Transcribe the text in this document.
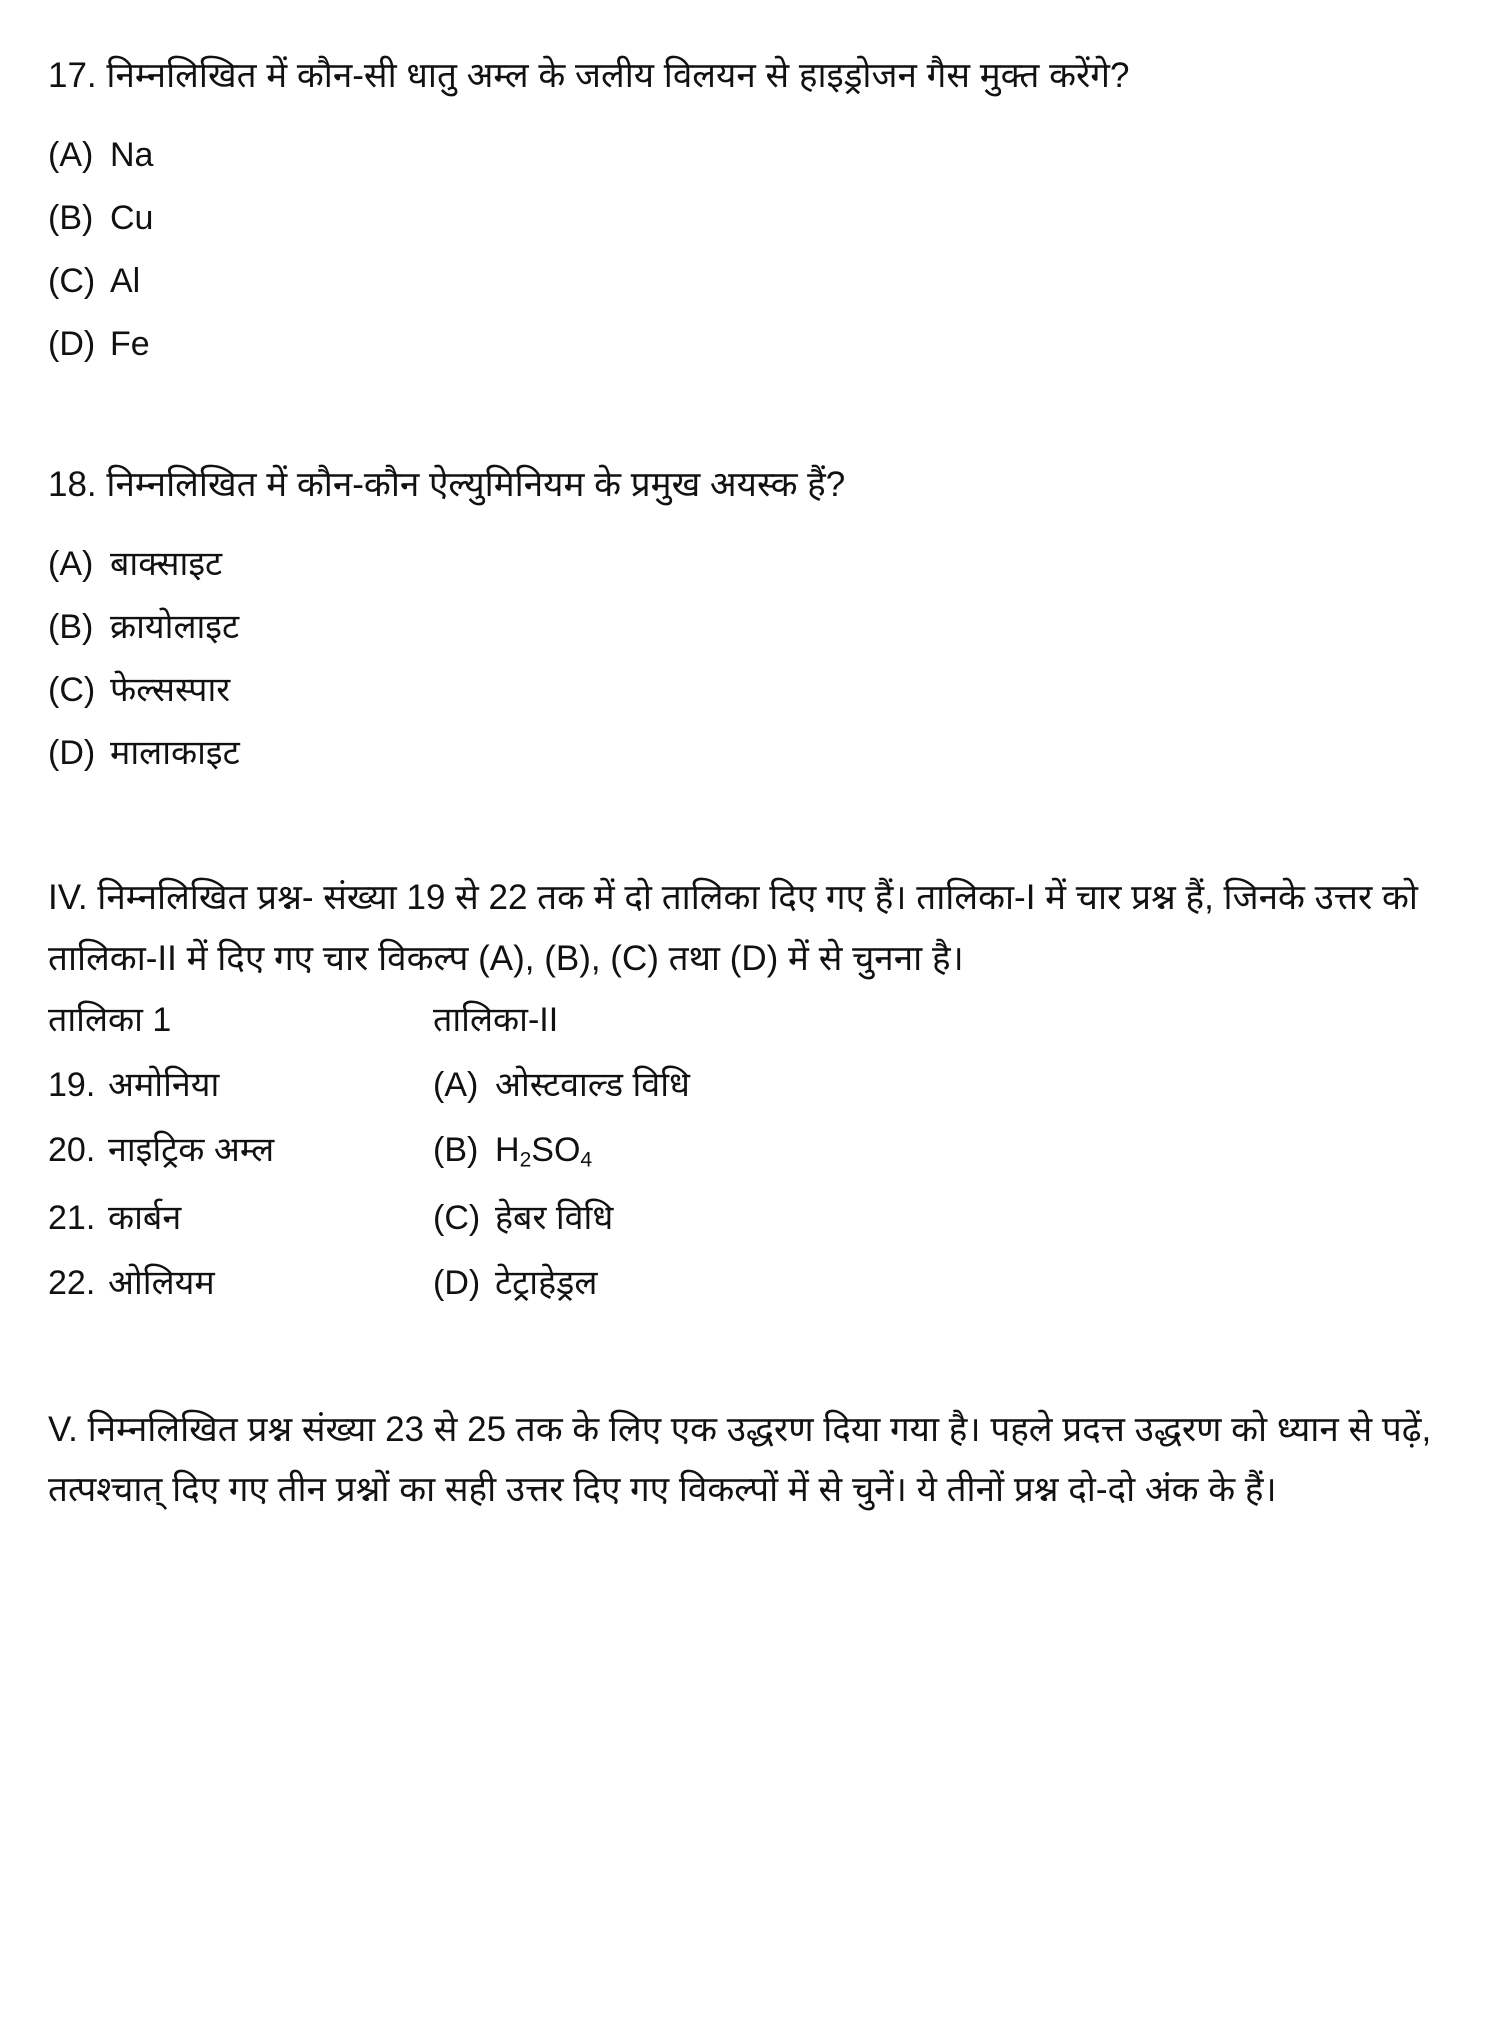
17. निम्नलिखित में कौन-सी धातु अम्ल के जलीय विलयन से हाइड्रोजन गैस मुक्त करेंगे?

(A) Na
(B) Cu
(C) Al
(D) Fe

18. निम्नलिखित में कौन-कौन ऐल्युमिनियम के प्रमुख अयस्क हैं?

(A) बाक्साइट
(B) क्रायोलाइट
(C) फेल्सस्पार
(D) मालाकाइट

IV. निम्नलिखित प्रश्न- संख्या 19 से 22 तक में दो तालिका दिए गए हैं। तालिका-I में चार प्रश्न हैं, जिनके उत्तर को तालिका-II में दिए गए चार विकल्प (A), (B), (C) तथा (D) में से चुनना है।

तालिका 1	तालिका-II
19. अमोनिया	(A) ओस्टवाल्ड विधि
20. नाइट्रिक अम्ल	(B) $H_2SO_4$
21. कार्बन	(C) हेबर विधि
22. ओलियम	(D) टेट्राहेड्रल

V. निम्नलिखित प्रश्न संख्या 23 से 25 तक के लिए एक उद्धरण दिया गया है। पहले प्रदत्त उद्धरण को ध्यान से पढ़ें, तत्पश्चात् दिए गए तीन प्रश्नों का सही उत्तर दिए गए विकल्पों में से चुनें। ये तीनों प्रश्न दो-दो अंक के हैं।
